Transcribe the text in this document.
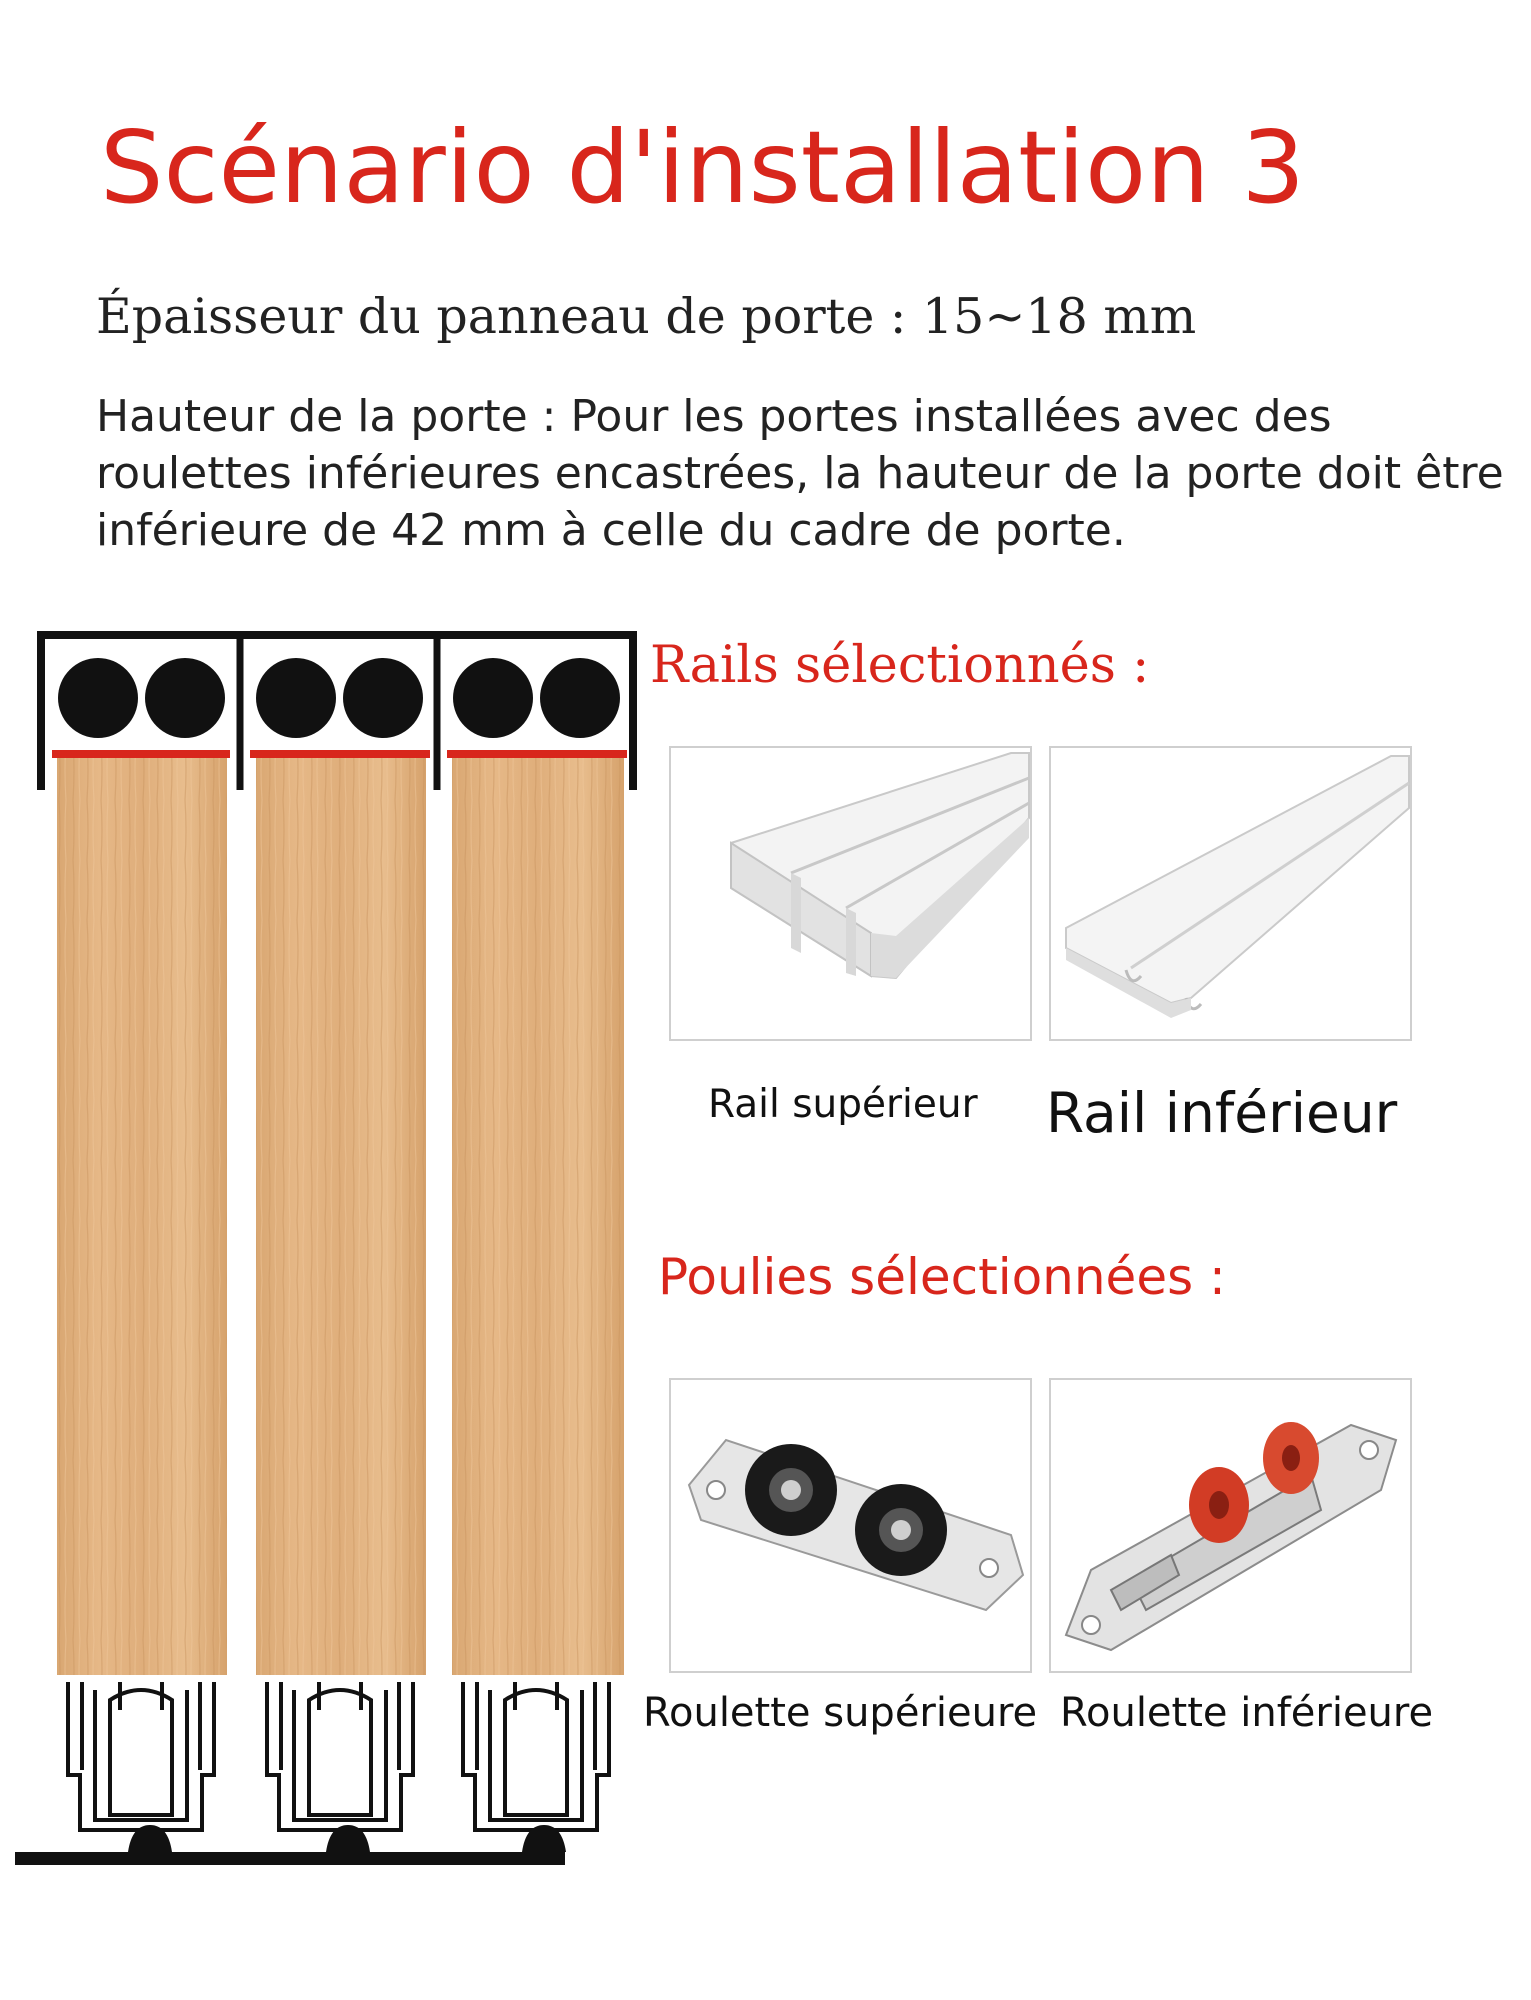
Scénario d'installation 3
Épaisseur du panneau de porte : 15~18 mm
Hauteur de la porte : Pour les portes installées avec des roulettes inférieures encastrées, la hauteur de la porte doit être inférieure de 42 mm à celle du cadre de porte.
Rails sélectionnés :
Rail supérieur Rail inférieur
Poulies sélectionnées :
Roulette supérieure Roulette inférieure
